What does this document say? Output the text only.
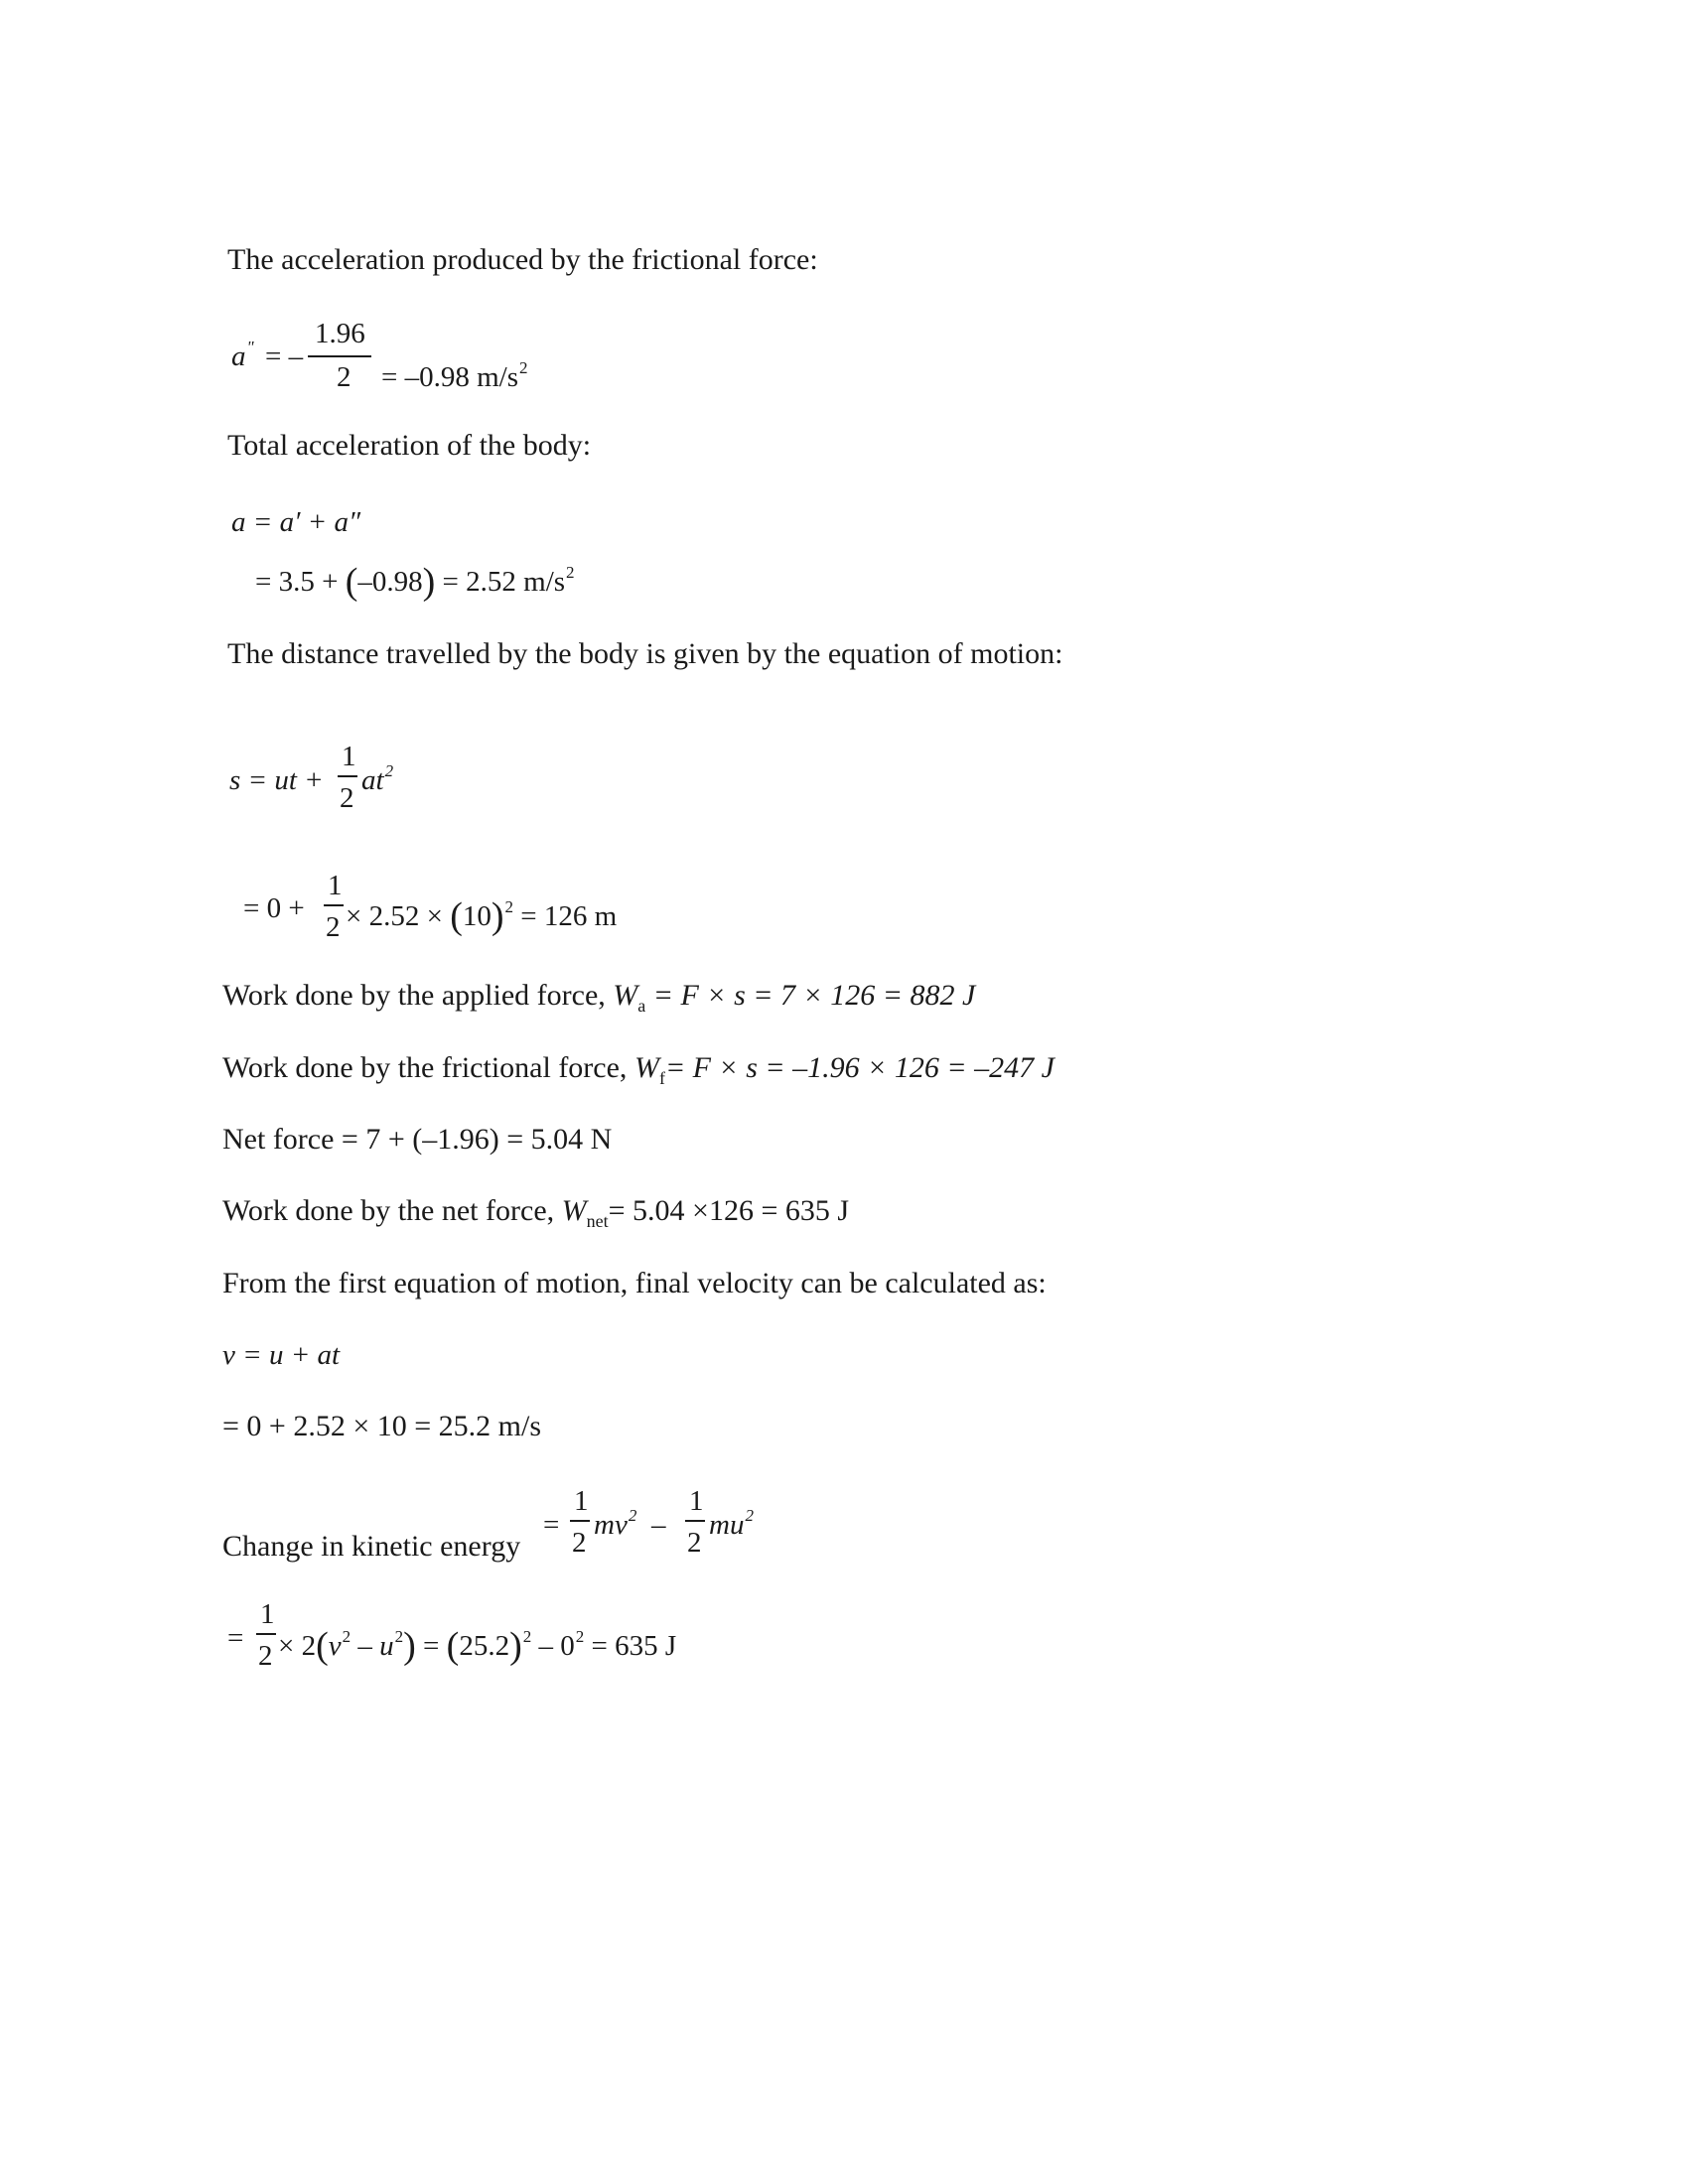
The acceleration produced by the frictional force:
a" = –
1.96
2 = –0.98 $m/s^2$
Total acceleration of the body:
a = a′ + a″
= 3.5 + (–0.98) = 2.52 $m/s^2$
The distance travelled by the body is given by the equation of motion:
s = ut +
1
2
$at^2$
= 0 +
1
$2 \times 2.52 \times (10)^2 = 126$ m
Work done by the applied force, $W_a = F \times s = 7 \times 126 = 882$ J
Work done by the frictional force, $W_f= F \times s = -1.96 \times 126 = -247$ J
Net force = 7 + (–1.96) = 5.04 N
Work done by the net force, $W_{net}= 5.04 \times 126 = 635$ J
From the first equation of motion, final velocity can be calculated as:
v = u + at
= 0 + 2.52 × 10 = 25.2 m/s
=
1
2
$mv^2$ –
1
2
$mu^2$
Change in kinetic energy
=
1
$2 \times 2(v^2 - u^2) = (25.2)^2 - 0^2 = 635$ J
